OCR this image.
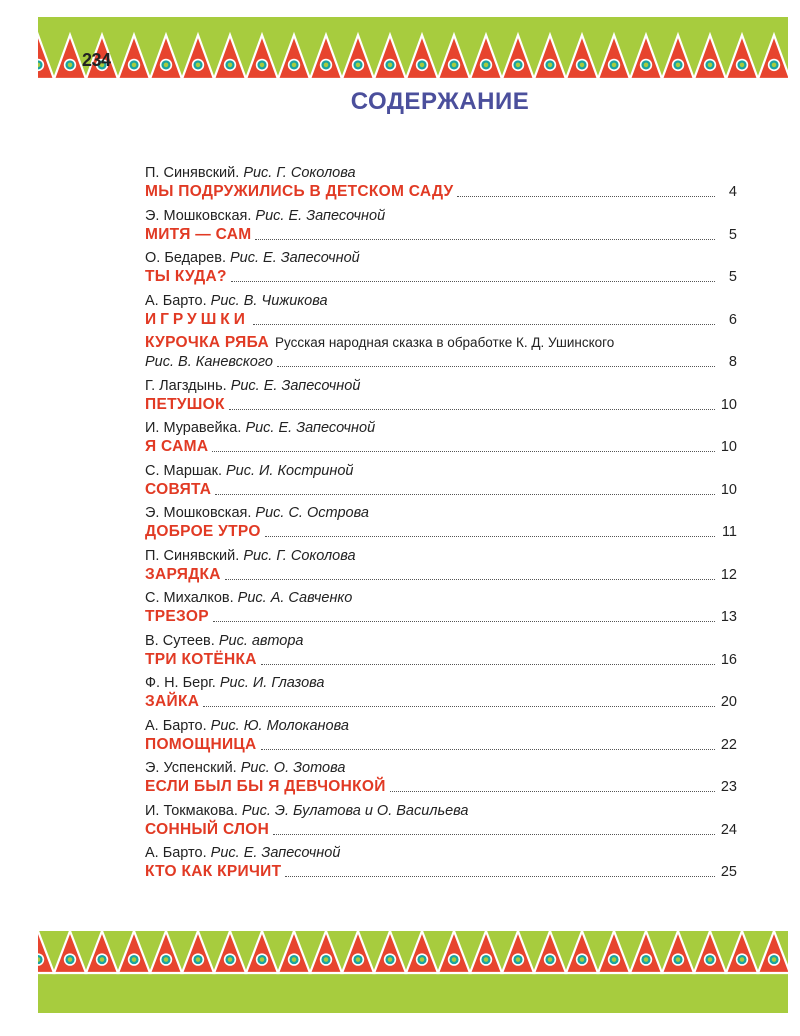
234
СОДЕРЖАНИЕ
П. Синявский. Рис. Г. Соколова
МЫ ПОДРУЖИЛИСЬ В ДЕТСКОМ САДУ	4
Э. Мошковская. Рис. Е. Запесочной
МИТЯ — САМ	5
О. Бедарев. Рис. Е. Запесочной
ТЫ КУДА?	5
А. Барто. Рис. В. Чижикова
ИГРУШКИ	6
КУРОЧКА РЯБА Русская народная сказка в обработке К. Д. Ушинского
Рис. В. Каневского	8
Г. Лагздынь. Рис. Е. Запесочной
ПЕТУШОК	10
И. Муравейка. Рис. Е. Запесочной
Я САМА	10
С. Маршак. Рис. И. Костриной
СОВЯТА	10
Э. Мошковская. Рис. С. Острова
ДОБРОЕ УТРО	11
П. Синявский. Рис. Г. Соколова
ЗАРЯДКА	12
С. Михалков. Рис. А. Савченко
ТРЕЗОР	13
В. Сутеев. Рис. автора
ТРИ КОТЁНКА	16
Ф. Н. Берг. Рис. И. Глазова
ЗАЙКА	20
А. Барто. Рис. Ю. Молоканова
ПОМОЩНИЦА	22
Э. Успенский. Рис. О. Зотова
ЕСЛИ БЫЛ БЫ Я ДЕВЧОНКОЙ	23
И. Токмакова. Рис. Э. Булатова и О. Васильева
СОННЫЙ СЛОН	24
А. Барто. Рис. Е. Запесочной
КТО КАК КРИЧИТ	25
